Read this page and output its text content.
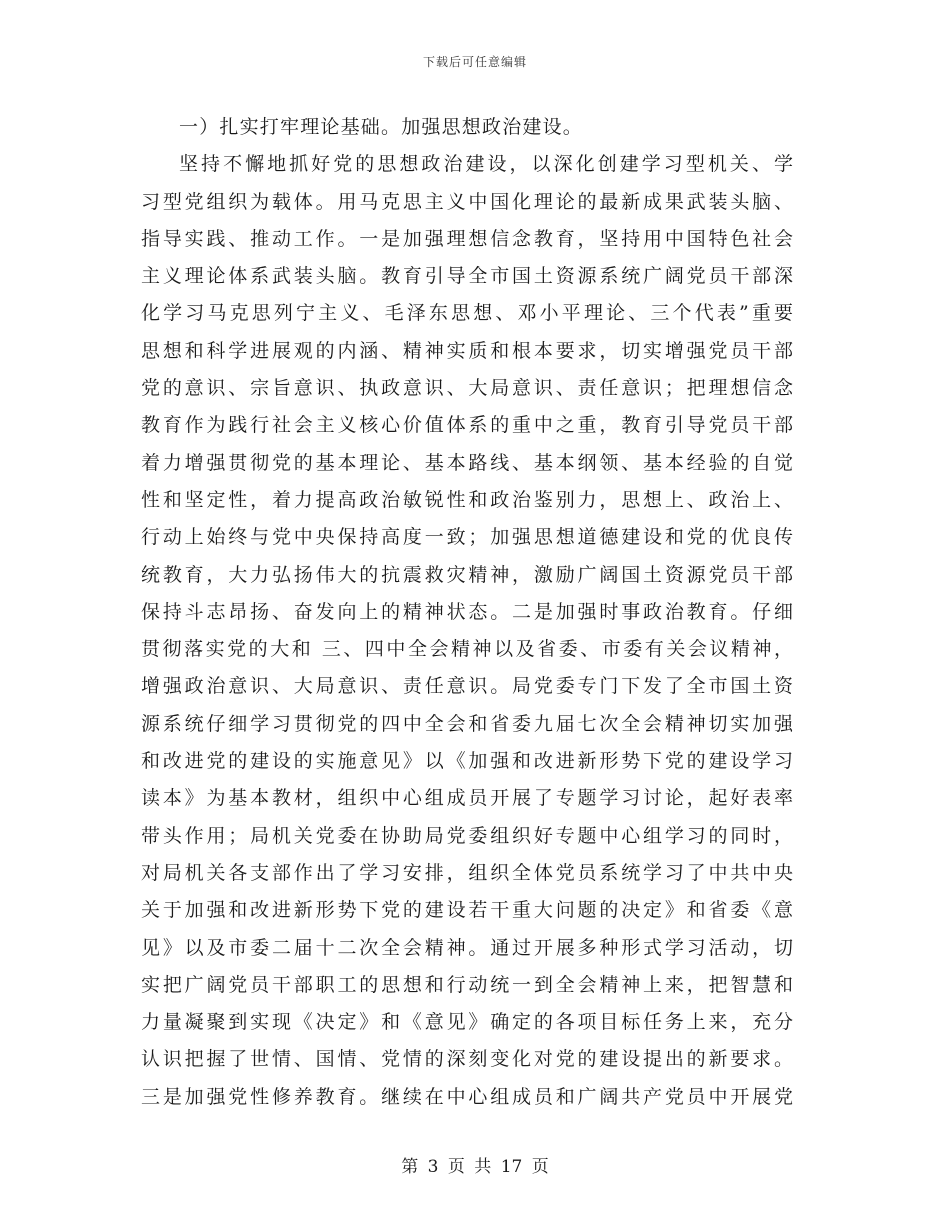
下载后可任意编辑
一）扎实打牢理论基础。加强思想政治建设。
坚持不懈地抓好党的思想政治建设，以深化创建学习型机关、学
习型党组织为载体。用马克思主义中国化理论的最新成果武装头脑、
指导实践、推动工作。一是加强理想信念教育，坚持用中国特色社会
主义理论体系武装头脑。教育引导全市国土资源系统广阔党员干部深
化学习马克思列宁主义、毛泽东思想、邓小平理论、三个代表”重要
思想和科学进展观的内涵、精神实质和根本要求，切实增强党员干部
党的意识、宗旨意识、执政意识、大局意识、责任意识；把理想信念
教育作为践行社会主义核心价值体系的重中之重，教育引导党员干部
着力增强贯彻党的基本理论、基本路线、基本纲领、基本经验的自觉
性和坚定性，着力提高政治敏锐性和政治鉴别力，思想上、政治上、
行动上始终与党中央保持高度一致；加强思想道德建设和党的优良传
统教育，大力弘扬伟大的抗震救灾精神，激励广阔国土资源党员干部
保持斗志昂扬、奋发向上的精神状态。二是加强时事政治教育。仔细
贯彻落实党的大和 三、四中全会精神以及省委、市委有关会议精神，
增强政治意识、大局意识、责任意识。局党委专门下发了全市国土资
源系统仔细学习贯彻党的四中全会和省委九届七次全会精神切实加强
和改进党的建设的实施意见》以《加强和改进新形势下党的建设学习
读本》为基本教材，组织中心组成员开展了专题学习讨论，起好表率
带头作用；局机关党委在协助局党委组织好专题中心组学习的同时，
对局机关各支部作出了学习安排，组织全体党员系统学习了中共中央
关于加强和改进新形势下党的建设若干重大问题的决定》和省委《意
见》以及市委二届十二次全会精神。通过开展多种形式学习活动，切
实把广阔党员干部职工的思想和行动统一到全会精神上来，把智慧和
力量凝聚到实现《决定》和《意见》确定的各项目标任务上来，充分
认识把握了世情、国情、党情的深刻变化对党的建设提出的新要求。
三是加强党性修养教育。继续在中心组成员和广阔共产党员中开展党
第 3 页 共 17 页
